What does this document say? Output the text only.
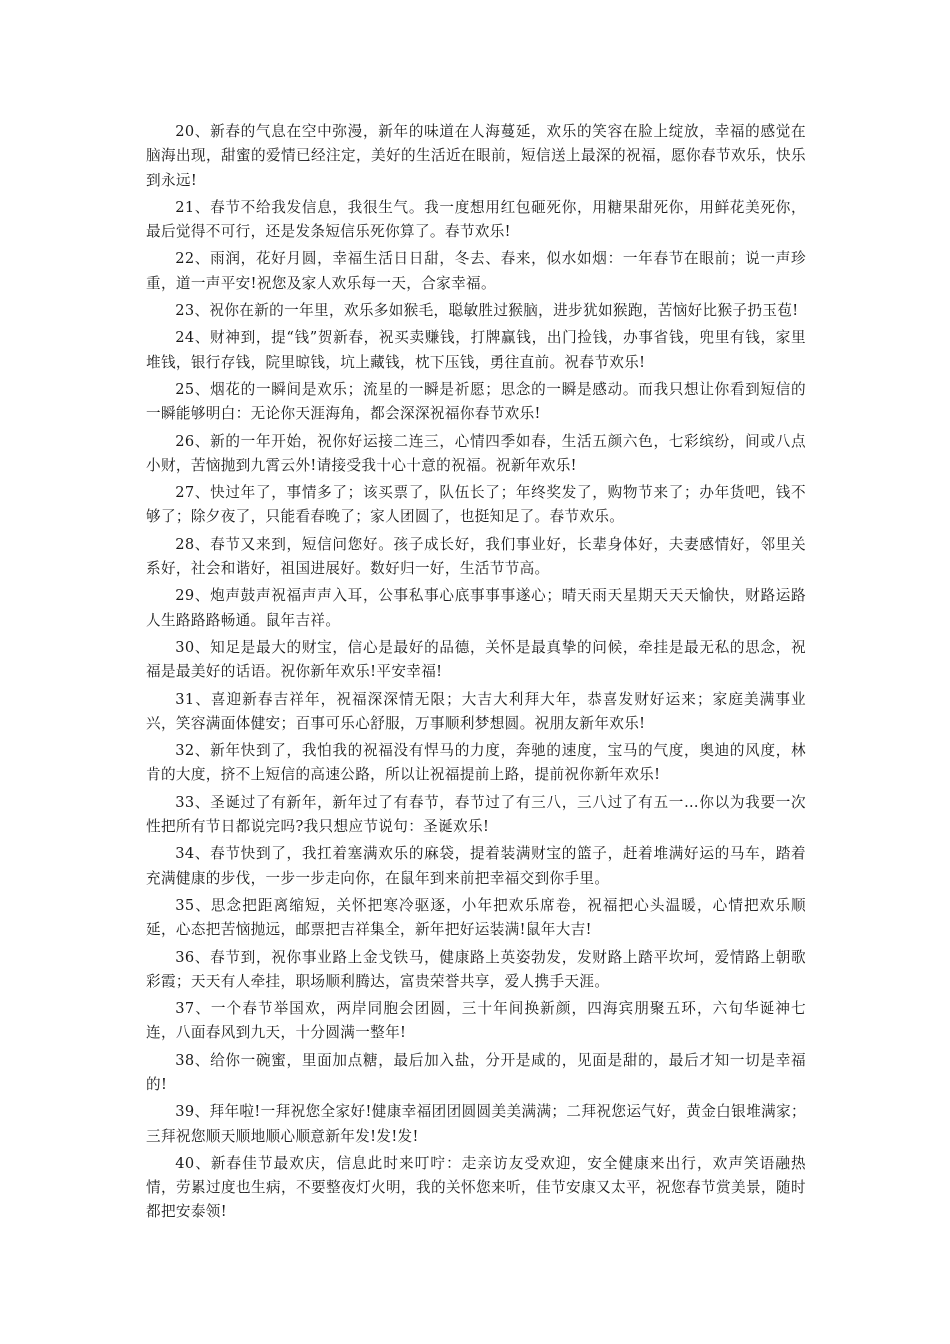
20、新春的气息在空中弥漫，新年的味道在人海蔓延，欢乐的笑容在脸上绽放，幸福的感觉在脑海出现，甜蜜的爱情已经注定，美好的生活近在眼前，短信送上最深的祝福，愿你春节欢乐，快乐到永远!

21、春节不给我发信息，我很生气。我一度想用红包砸死你，用糖果甜死你，用鲜花美死你，最后觉得不可行，还是发条短信乐死你算了。春节欢乐!

22、雨润，花好月圆，幸福生活日日甜，冬去、春来，似水如烟：一年春节在眼前；说一声珍重，道一声平安!祝您及家人欢乐每一天，合家幸福。

23、祝你在新的一年里，欢乐多如猴毛，聪敏胜过猴脑，进步犹如猴跑，苦恼好比猴子扔玉苞!

24、财神到，提“钱”贺新春，祝买卖赚钱，打牌赢钱，出门捡钱，办事省钱，兜里有钱，家里堆钱，银行存钱，院里晾钱，坑上藏钱，枕下压钱，勇往直前。祝春节欢乐!

25、烟花的一瞬间是欢乐；流星的一瞬是祈愿；思念的一瞬是感动。而我只想让你看到短信的一瞬能够明白：无论你天涯海角，都会深深祝福你春节欢乐!

26、新的一年开始，祝你好运接二连三，心情四季如春，生活五颜六色，七彩缤纷，间或八点小财，苦恼抛到九霄云外!请接受我十心十意的祝福。祝新年欢乐!

27、快过年了，事情多了；该买票了，队伍长了；年终奖发了，购物节来了；办年货吧，钱不够了；除夕夜了，只能看春晚了；家人团圆了，也挺知足了。春节欢乐。

28、春节又来到，短信问您好。孩子成长好，我们事业好，长辈身体好，夫妻感情好，邻里关系好，社会和谐好，祖国进展好。数好归一好，生活节节高。

29、炮声鼓声祝福声声入耳，公事私事心底事事事遂心；晴天雨天星期天天天愉快，财路运路人生路路路畅通。鼠年吉祥。

30、知足是最大的财宝，信心是最好的品德，关怀是最真挚的问候，牵挂是最无私的思念，祝福是最美好的话语。祝你新年欢乐!平安幸福!

31、喜迎新春吉祥年，祝福深深情无限；大吉大利拜大年，恭喜发财好运来；家庭美满事业兴，笑容满面体健安；百事可乐心舒服，万事顺利梦想圆。祝朋友新年欢乐!

32、新年快到了，我怕我的祝福没有悍马的力度，奔驰的速度，宝马的气度，奥迪的风度，林肯的大度，挤不上短信的高速公路，所以让祝福提前上路，提前祝你新年欢乐!

33、圣诞过了有新年，新年过了有春节，春节过了有三八，三八过了有五一…你以为我要一次性把所有节日都说完吗?我只想应节说句：圣诞欢乐!

34、春节快到了，我扛着塞满欢乐的麻袋，提着装满财宝的篮子，赶着堆满好运的马车，踏着充满健康的步伐，一步一步走向你，在鼠年到来前把幸福交到你手里。

35、思念把距离缩短，关怀把寒冷驱逐，小年把欢乐席卷，祝福把心头温暖，心情把欢乐顺延，心态把苦恼抛远，邮票把吉祥集全，新年把好运装满!鼠年大吉!

36、春节到，祝你事业路上金戈铁马，健康路上英姿勃发，发财路上踏平坎坷，爱情路上朝歌彩霞；天天有人牵挂，职场顺利腾达，富贵荣誉共享，爱人携手天涯。

37、一个春节举国欢，两岸同胞会团圆，三十年间换新颜，四海宾朋聚五环，六旬华诞神七连，八面春风到九天，十分圆满一整年!

38、给你一碗蜜，里面加点糖，最后加入盐，分开是咸的，见面是甜的，最后才知一切是幸福的!

39、拜年啦!一拜祝您全家好!健康幸福团团圆圆美美满满；二拜祝您运气好，黄金白银堆满家；三拜祝您顺天顺地顺心顺意新年发!发!发!

40、新春佳节最欢庆，信息此时来叮咛：走亲访友受欢迎，安全健康来出行，欢声笑语融热情，劳累过度也生病，不要整夜灯火明，我的关怀您来听，佳节安康又太平，祝您春节赏美景，随时都把安泰领!
